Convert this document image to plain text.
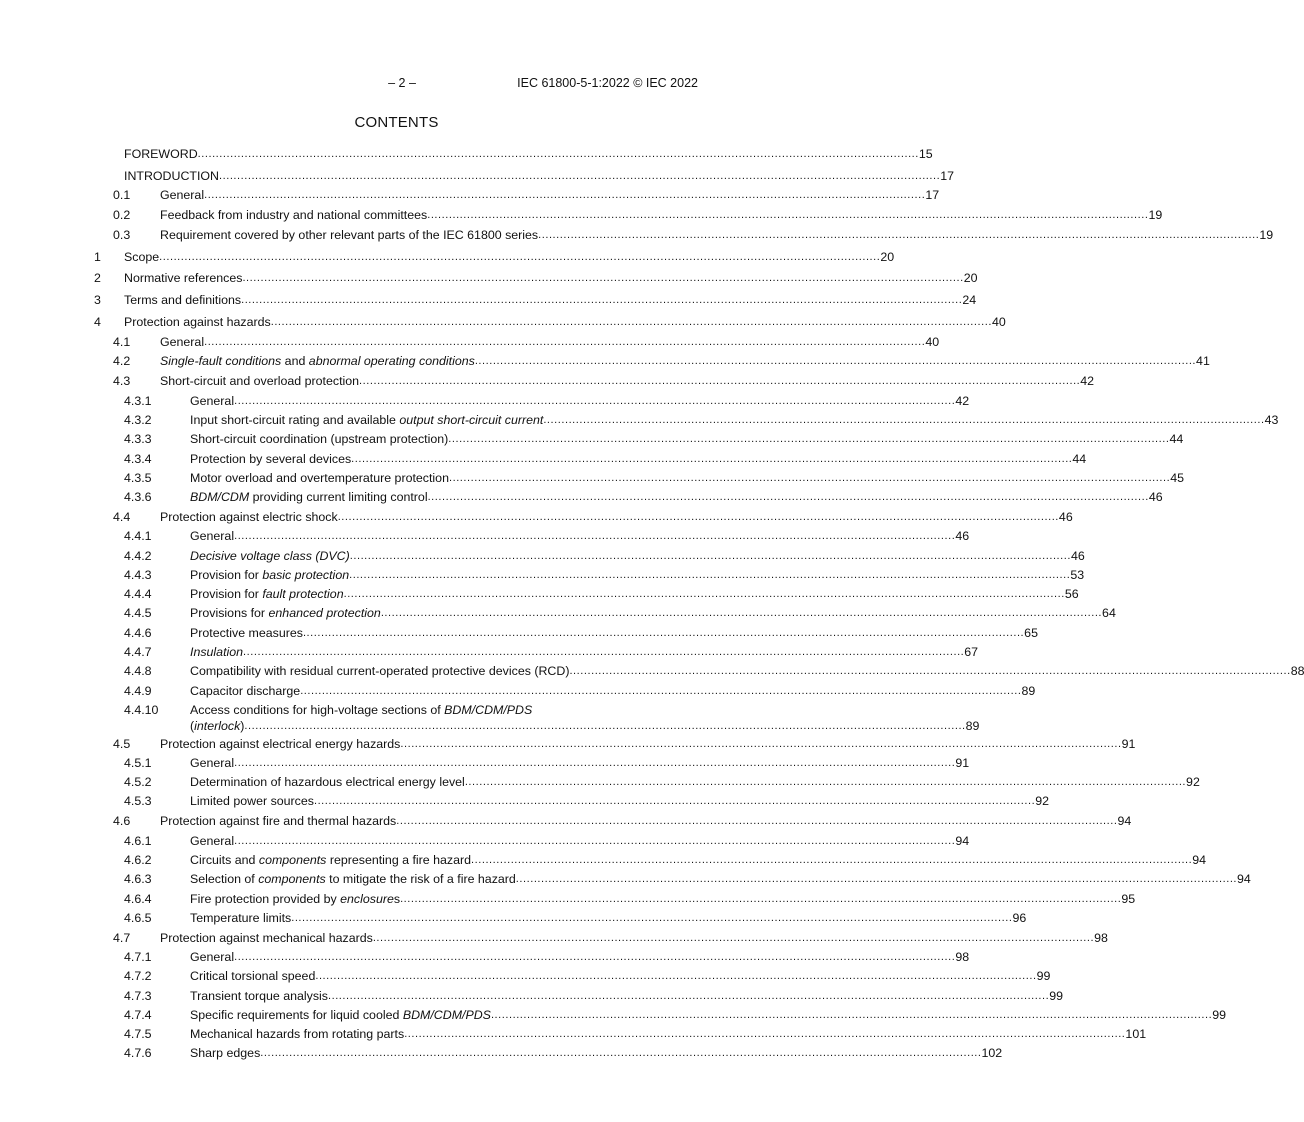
– 2 –	IEC 61800-5-1:2022 © IEC 2022
CONTENTS
FOREWORD ........................................................................................................................................................................................................ 15
INTRODUCTION ........................................................................................................................................................................................................ 17
0.1	General ........................................................................................................................................................................................................ 17
0.2	Feedback from industry and national committees ........................................................................................................................................................................................................ 19
0.3	Requirement covered by other relevant parts of the IEC 61800 series ........................................................................................................................................................................................................ 19
1	Scope ........................................................................................................................................................................................................ 20
2	Normative references ........................................................................................................................................................................................................ 20
3	Terms and definitions ........................................................................................................................................................................................................ 24
4	Protection against hazards ........................................................................................................................................................................................................ 40
4.1	General ........................................................................................................................................................................................................ 40
4.2	Single-fault conditions and abnormal operating conditions ........................................................................................................................................................................................................ 41
4.3	Short-circuit and overload protection ........................................................................................................................................................................................................ 42
4.3.1	General ........................................................................................................................................................................................................ 42
4.3.2	Input short-circuit rating and available output short-circuit current ........................................................................................................................................................................................................ 43
4.3.3	Short-circuit coordination (upstream protection) ........................................................................................................................................................................................................ 44
4.3.4	Protection by several devices ........................................................................................................................................................................................................ 44
4.3.5	Motor overload and overtemperature protection ........................................................................................................................................................................................................ 45
4.3.6	BDM/CDM providing current limiting control ........................................................................................................................................................................................................ 46
4.4	Protection against electric shock ........................................................................................................................................................................................................ 46
4.4.1	General ........................................................................................................................................................................................................ 46
4.4.2	Decisive voltage class (DVC) ........................................................................................................................................................................................................ 46
4.4.3	Provision for basic protection ........................................................................................................................................................................................................ 53
4.4.4	Provision for fault protection ........................................................................................................................................................................................................ 56
4.4.5	Provisions for enhanced protection ........................................................................................................................................................................................................ 64
4.4.6	Protective measures ........................................................................................................................................................................................................ 65
4.4.7	Insulation ........................................................................................................................................................................................................ 67
4.4.8	Compatibility with residual current-operated protective devices (RCD) ........................................................................................................................................................................................................ 88
4.4.9	Capacitor discharge ........................................................................................................................................................................................................ 89
4.4.10	Access conditions for high-voltage sections of BDM/CDM/PDS
(interlock) ........................................................................................................................................................................................................ 89
4.5	Protection against electrical energy hazards ........................................................................................................................................................................................................ 91
4.5.1	General ........................................................................................................................................................................................................ 91
4.5.2	Determination of hazardous electrical energy level ........................................................................................................................................................................................................ 92
4.5.3	Limited power sources ........................................................................................................................................................................................................ 92
4.6	Protection against fire and thermal hazards ........................................................................................................................................................................................................ 94
4.6.1	General ........................................................................................................................................................................................................ 94
4.6.2	Circuits and components representing a fire hazard ........................................................................................................................................................................................................ 94
4.6.3	Selection of components to mitigate the risk of a fire hazard ........................................................................................................................................................................................................ 94
4.6.4	Fire protection provided by enclosures ........................................................................................................................................................................................................ 95
4.6.5	Temperature limits ........................................................................................................................................................................................................ 96
4.7	Protection against mechanical hazards ........................................................................................................................................................................................................ 98
4.7.1	General ........................................................................................................................................................................................................ 98
4.7.2	Critical torsional speed ........................................................................................................................................................................................................ 99
4.7.3	Transient torque analysis ........................................................................................................................................................................................................ 99
4.7.4	Specific requirements for liquid cooled BDM/CDM/PDS ........................................................................................................................................................................................................ 99
4.7.5	Mechanical hazards from rotating parts ........................................................................................................................................................................................................ 101
4.7.6	Sharp edges ........................................................................................................................................................................................................ 102
